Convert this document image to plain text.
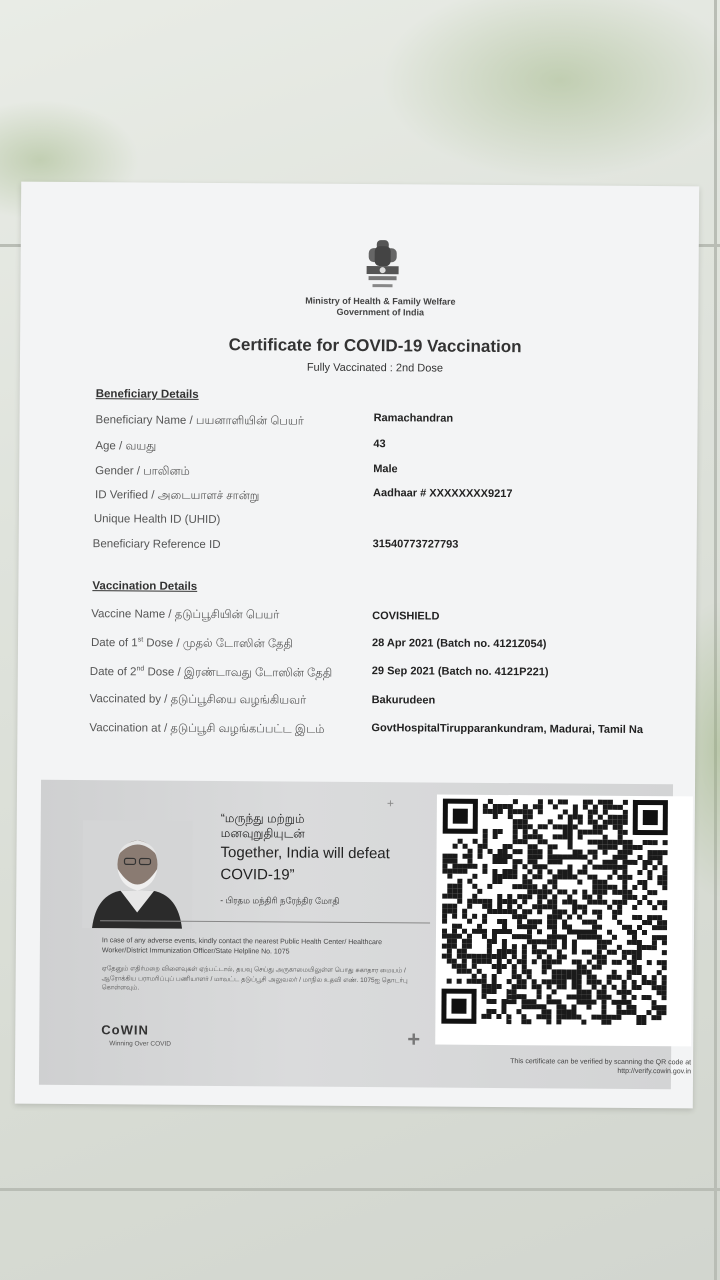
Ministry of Health & Family Welfare
Government of India
Certificate for COVID-19 Vaccination
Fully Vaccinated : 2nd Dose
Beneficiary Details
Beneficiary Name / பயனாளியின் பெயர்	Ramachandran
Age / வயது	43
Gender / பாலினம்	Male
ID Verified / அடையாளச் சான்று	Aadhaar # XXXXXXXX9217
Unique Health ID (UHID)
Beneficiary Reference ID	31540773727793
Vaccination Details
Vaccine Name / தடுப்பூசியின் பெயர்	COVISHIELD
Date of 1st Dose / முதல் டோஸின் தேதி	28 Apr 2021 (Batch no. 4121Z054)
Date of 2nd Dose / இரண்டாவது டோஸின் தேதி	29 Sep 2021 (Batch no. 4121P221)
Vaccinated by / தடுப்பூசியை வழங்கியவர்	Bakurudeen
Vaccination at / தடுப்பூசி வழங்கப்பட்ட இடம்	GovtHospitalTirupparankundram, Madurai, Tamil Na
“மருந்து மற்றும்
மனவுறுதியுடன்
Together, India will defeat
COVID-19”
- பிரதம மந்திரி நரேந்திர மோதி
+
In case of any adverse events, kindly contact the nearest Public Health Center/ Healthcare Worker/District Immunization Officer/State Helpline No. 1075
ஏதேனும் எதிர்மறை விளைவுகள் ஏற்பட்டால், தயவு செய்து அருகாமையிலுள்ள பொது சுகாதார மையம் / ஆரோக்கிய பராமரிப்புப் பணியாளர் / மாவட்ட தடுப்பூசி அலுவலர் / மாநில உதவி எண். 1075ஐ தொடர்பு கொள்ளவும்.
CoWIN
Winning Over COVID	+
This certificate can be verified by scanning the QR code at
http://verify.cowin.gov.in
